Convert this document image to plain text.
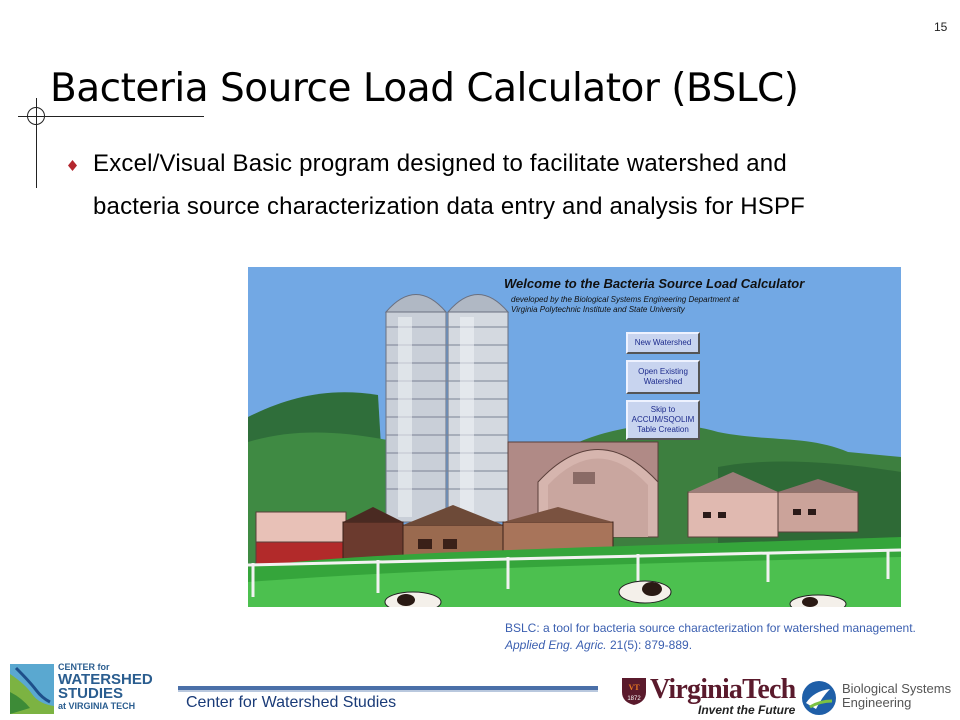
15
Bacteria Source Load Calculator (BSLC)
Excel/Visual Basic program designed to facilitate watershed and bacteria source characterization data entry and analysis for HSPF
Welcome to the Bacteria Source Load Calculator
developed by the Biological Systems Engineering Department at
Virginia Polytechnic Institute and State University
New Watershed
Open Existing Watershed
Skip to ACCUM/SQOLIM Table Creation
BSLC: a tool for bacteria source characterization for watershed management. Applied Eng. Agric. 21(5): 879-889.
CENTER for
WATERSHED
STUDIES
at VIRGINIA TECH	Center for Watershed Studies
VT
1872 VirginiaTech
Invent the Future
Biological Systems
Engineering
